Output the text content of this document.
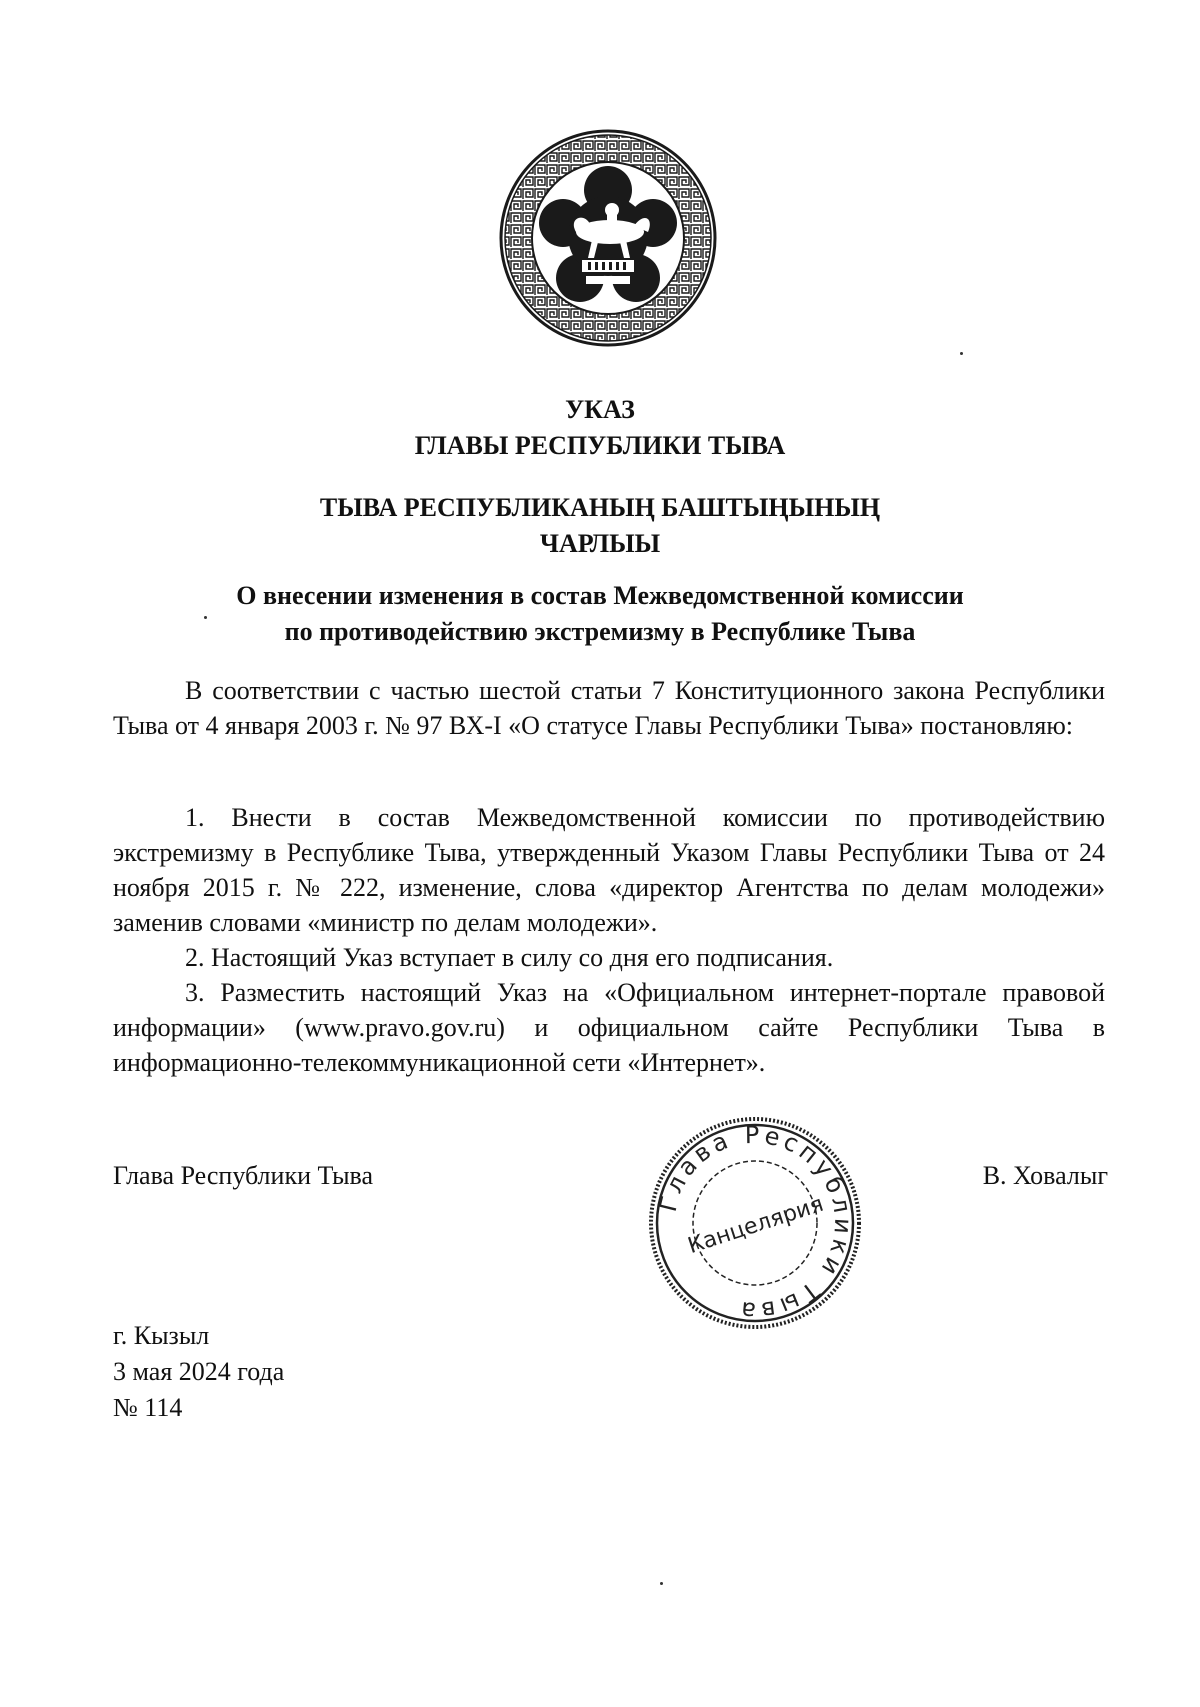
УКАЗ
ГЛАВЫ РЕСПУБЛИКИ ТЫВА
ТЫВА РЕСПУБЛИКАНЫҢ БАШТЫҢЫНЫҢ
ЧАРЛЫЫ
О внесении изменения в состав Межведомственной комиссии
по противодействию экстремизму в Республике Тыва

В соответствии с частью шестой статьи 7 Конституционного закона Республики Тыва от 4 января 2003 г. № 97 ВХ-I «О статусе Главы Республики Тыва» постановляю:

1. Внести в состав Межведомственной комиссии по противодействию экстремизму в Республике Тыва, утвержденный Указом Главы Республики Тыва от 24 ноября 2015 г. № 222, изменение, слова «директор Агентства по делам молодежи» заменив словами «министр по делам молодежи».

2. Настоящий Указ вступает в силу со дня его подписания.

3. Разместить настоящий Указ на «Официальном интернет-портале правовой информации» (www.pravo.gov.ru) и официальном сайте Республики Тыва в информационно-телекоммуникационной сети «Интернет».

Глава Республики Тыва	В. Ховалыг
Глава Республики Тыва
Канцелярия
г. Кызыл
3 мая 2024 года
№ 114
